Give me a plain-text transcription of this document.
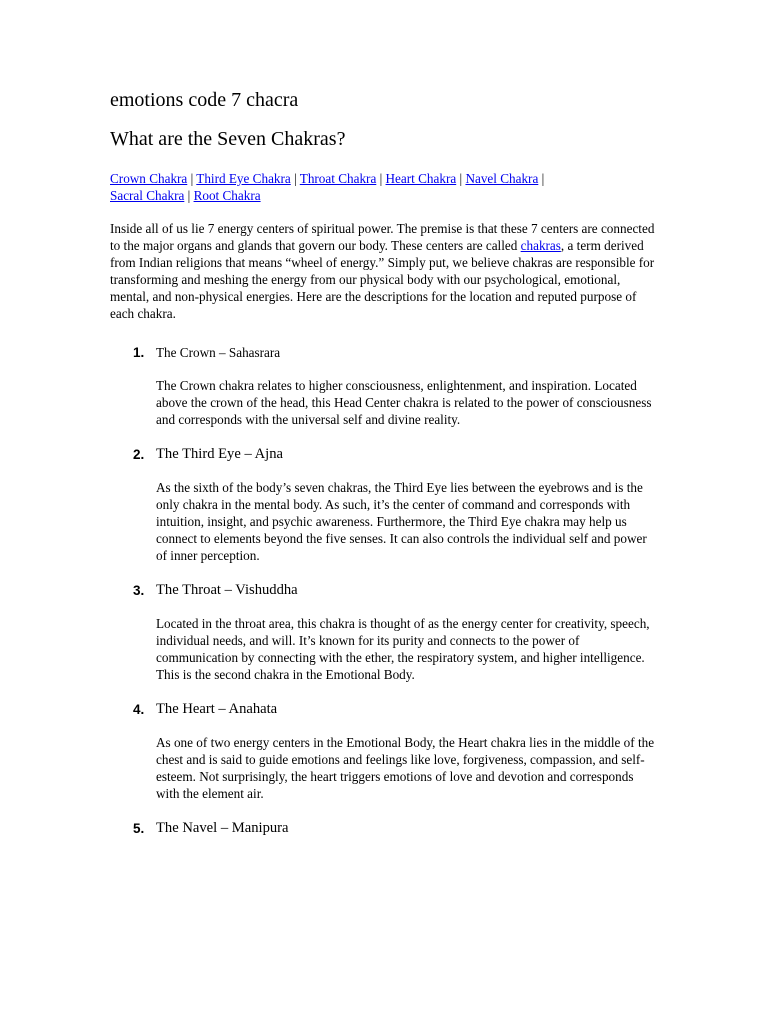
emotions code 7 chacra
What are the Seven Chakras?
Crown Chakra | Third Eye Chakra | Throat Chakra | Heart Chakra | Navel Chakra |
Sacral Chakra | Root Chakra

Inside all of us lie 7 energy centers of spiritual power. The premise is that these 7 centers are connected to the major organs and glands that govern our body. These centers are called chakras, a term derived from Indian religions that means “wheel of energy.” Simply put, we believe chakras are responsible for transforming and meshing the energy from our physical body with our psychological, emotional, mental, and non-physical energies. Here are the descriptions for the location and reputed purpose of each chakra.

1. The Crown – Sahasrara
The Crown chakra relates to higher consciousness, enlightenment, and inspiration. Located above the crown of the head, this Head Center chakra is related to the power of consciousness and corresponds with the universal self and divine reality.
2. The Third Eye – Ajna
As the sixth of the body’s seven chakras, the Third Eye lies between the eyebrows and is the only chakra in the mental body. As such, it’s the center of command and corresponds with intuition, insight, and psychic awareness. Furthermore, the Third Eye chakra may help us connect to elements beyond the five senses. It can also controls the individual self and power of inner perception.
3. The Throat – Vishuddha
Located in the throat area, this chakra is thought of as the energy center for creativity, speech, individual needs, and will. It’s known for its purity and connects to the power of communication by connecting with the ether, the respiratory system, and higher intelligence. This is the second chakra in the Emotional Body.
4. The Heart – Anahata
As one of two energy centers in the Emotional Body, the Heart chakra lies in the middle of the chest and is said to guide emotions and feelings like love, forgiveness, compassion, and self-esteem. Not surprisingly, the heart triggers emotions of love and devotion and corresponds with the element air.
5. The Navel – Manipura
